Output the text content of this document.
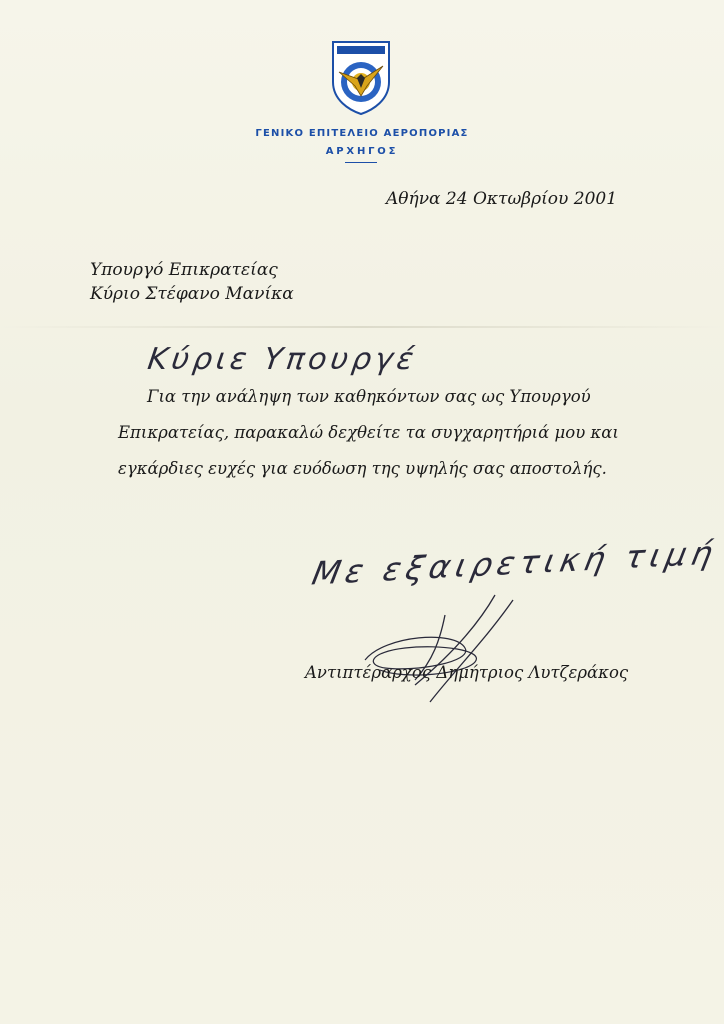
ΓΕΝΙΚΟ ΕΠΙΤΕΛΕΙΟ ΑΕΡΟΠΟΡΙΑΣ
ΑΡΧΗΓΟΣ
Αθήνα 24 Οκτωβρίου 2001
Υπουργό Επικρατείας
Κύριο Στέφανο Μανίκα
Κύριε Υπουργέ
Για την ανάληψη των καθηκόντων σας ως Υπουργού
Επικρατείας, παρακαλώ δεχθείτε τα συγχαρητήριά μου και
εγκάρδιες ευχές για ευόδωση της υψηλής σας αποστολής.
Με εξαιρετική τιμή
Αντιπτέραρχος Δημήτριος Λυτζεράκος
